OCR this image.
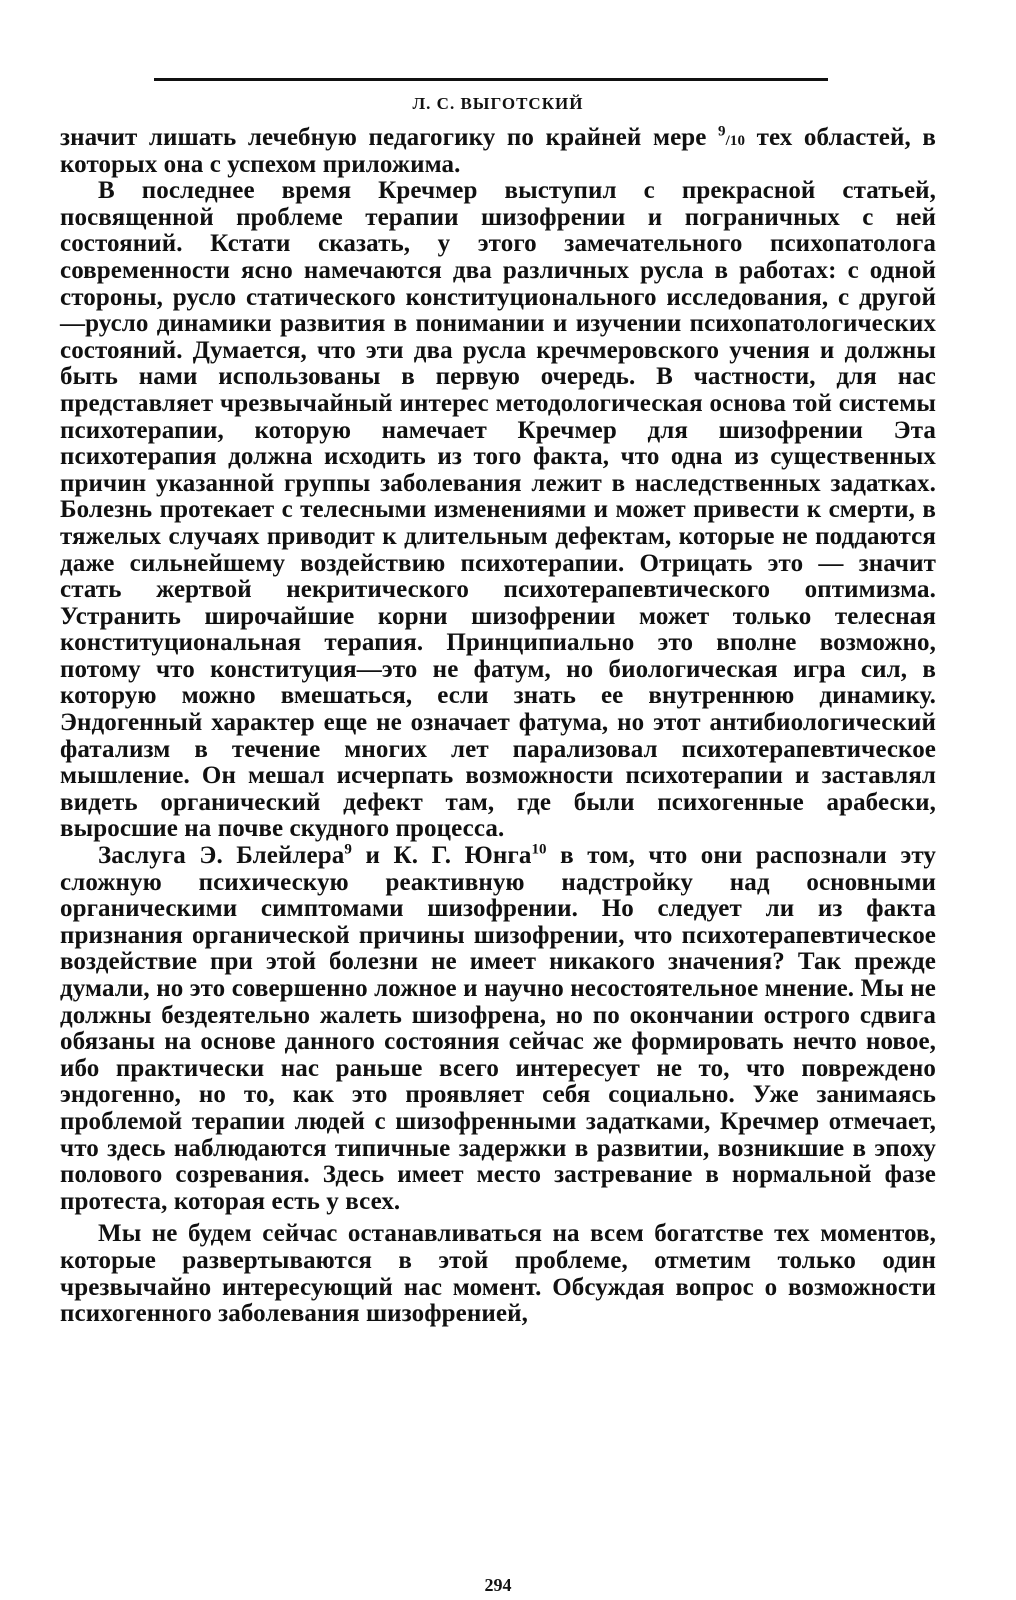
Л. С. ВЫГОТСКИЙ

значит лишать лечебную педагогику по крайней мере $^9$/10 тех областей, в которых она с успехом приложима.

В последнее время Кречмер выступил с прекрасной статьей, посвященной проблеме терапии шизофрении и пограничных с ней состояний. Кстати сказать, у этого замечательного психопатолога современности ясно намечаются два различных русла в работах: с одной стороны, русло статического конституционального исследования, с другой—русло динамики развития в понимании и изучении психопатологических состояний. Думается, что эти два русла кречмеровского учения и должны быть нами использованы в первую очередь. В частности, для нас представляет чрезвычайный интерес методологическая основа той системы психотерапии, которую намечает Кречмер для шизофрении Эта психотерапия должна исходить из того факта, что одна из существенных причин указанной группы заболевания лежит в наследственных задатках. Болезнь протекает с телесными изменениями и может привести к смерти, в тяжелых случаях приводит к длительным дефектам, которые не поддаются даже сильнейшему воздействию психотерапии. Отрицать это — значит стать жертвой некритического психотерапевтического оптимизма. Устранить широчайшие корни шизофрении может только телесная конституциональная терапия. Принципиально это вполне возможно, потому что конституция—это не фатум, но биологическая игра сил, в которую можно вмешаться, если знать ее внутреннюю динамику. Эндогенный характер еще не означает фатума, но этот антибиологический фатализм в течение многих лет парализовал психотерапевтическое мышление. Он мешал исчерпать возможности психотерапии и заставлял видеть органический дефект там, где были психогенные арабески, выросшие на почве скудного процесса.

Заслуга Э. Блейлера$^9$ и К. Г. Юнга$^{10}$ в том, что они распознали эту сложную психическую реактивную надстройку над основными органическими симптомами шизофрении. Но следует ли из факта признания органической причины шизофрении, что психотерапевтическое воздействие при этой болезни не имеет никакого значения? Так прежде думали, но это совершенно ложное и научно несостоятельное мнение. Мы не должны бездеятельно жалеть шизофрена, но по окончании острого сдвига обязаны на основе данного состояния сейчас же формировать нечто новое, ибо практически нас раньше всего интересует не то, что повреждено эндогенно, но то, как это проявляет себя социально. Уже занимаясь проблемой терапии людей с шизофренными задатками, Кречмер отмечает, что здесь наблюдаются типичные задержки в развитии, возникшие в эпоху полового созревания. Здесь имеет место застревание в нормальной фазе протеста, которая есть у всех.

Мы не будем сейчас останавливаться на всем богатстве тех моментов, которые развертываются в этой проблеме, отметим только один чрезвычайно интересующий нас момент. Обсуждая вопрос о возможности психогенного заболевания шизофренией,

294
